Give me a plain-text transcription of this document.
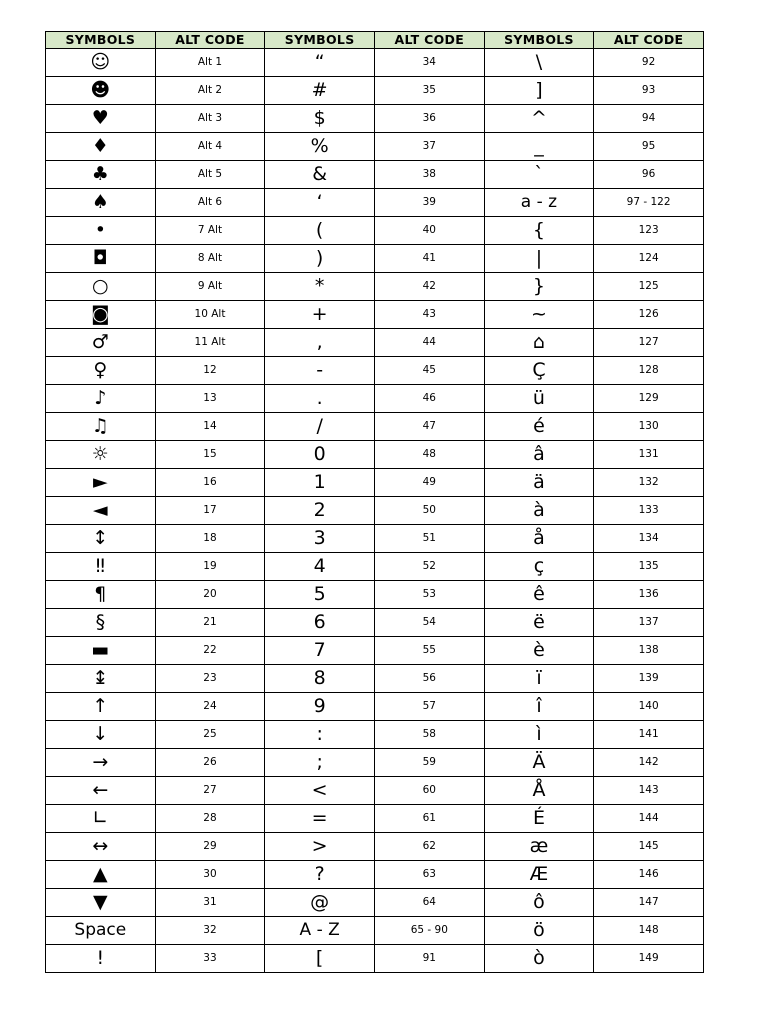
SYMBOLS	ALT CODE	SYMBOLS	ALT CODE	SYMBOLS	ALT CODE
☺	Alt 1	“	34	\	92
☻	Alt 2	#	35	]	93
♥	Alt 3	$	36	^	94
♦	Alt 4	%	37	_	95
♣	Alt 5	&	38	`	96
♠	Alt 6	‘	39	a - z	97 - 122
•	7 Alt	(	40	{	123
◘	8 Alt	)	41	|	124
○	9 Alt	*	42	}	125
◙	10 Alt	+	43	~	126
♂	11 Alt	,	44	⌂	127
♀	12	-	45	Ç	128
♪	13	.	46	ü	129
♫	14	/	47	é	130
☼	15	0	48	â	131
►	16	1	49	ä	132
◄	17	2	50	à	133
↕	18	3	51	å	134
‼	19	4	52	ç	135
¶	20	5	53	ê	136
§	21	6	54	ë	137
▬	22	7	55	è	138
↨	23	8	56	ï	139
↑	24	9	57	î	140
↓	25	:	58	ì	141
→	26	;	59	Ä	142
←	27	<	60	Å	143
∟	28	=	61	É	144
↔	29	>	62	æ	145
▲	30	?	63	Æ	146
▼	31	@	64	ô	147
Space	32	A - Z	65 - 90	ö	148
!	33	[	91	ò	149
